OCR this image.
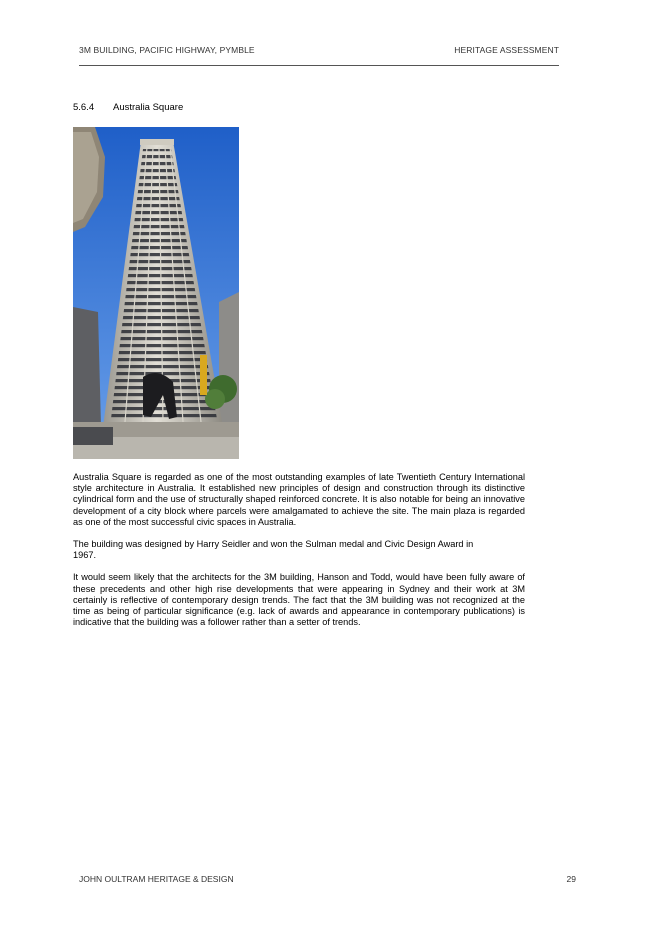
3M BUILDING, PACIFIC HIGHWAY, PYMBLE	HERITAGE ASSESSMENT
5.6.4 Australia Square

Australia Square is regarded as one of the most outstanding examples of late Twentieth Century International style architecture in Australia. It established new principles of design and construction through its distinctive cylindrical form and the use of structurally shaped reinforced concrete. It is also notable for being an innovative development of a city block where parcels were amalgamated to achieve the site. The main plaza is regarded as one of the most successful civic spaces in Australia.

The building was designed by Harry Seidler and won the Sulman medal and Civic Design Award in 1967.

It would seem likely that the architects for the 3M building, Hanson and Todd, would have been fully aware of these precedents and other high rise developments that were appearing in Sydney and their work at 3M certainly is reflective of contemporary design trends. The fact that the 3M building was not recognized at the time as being of particular significance (e.g. lack of awards and appearance in contemporary publications) is indicative that the building was a follower rather than a setter of trends.

JOHN OULTRAM HERITAGE & DESIGN	29
